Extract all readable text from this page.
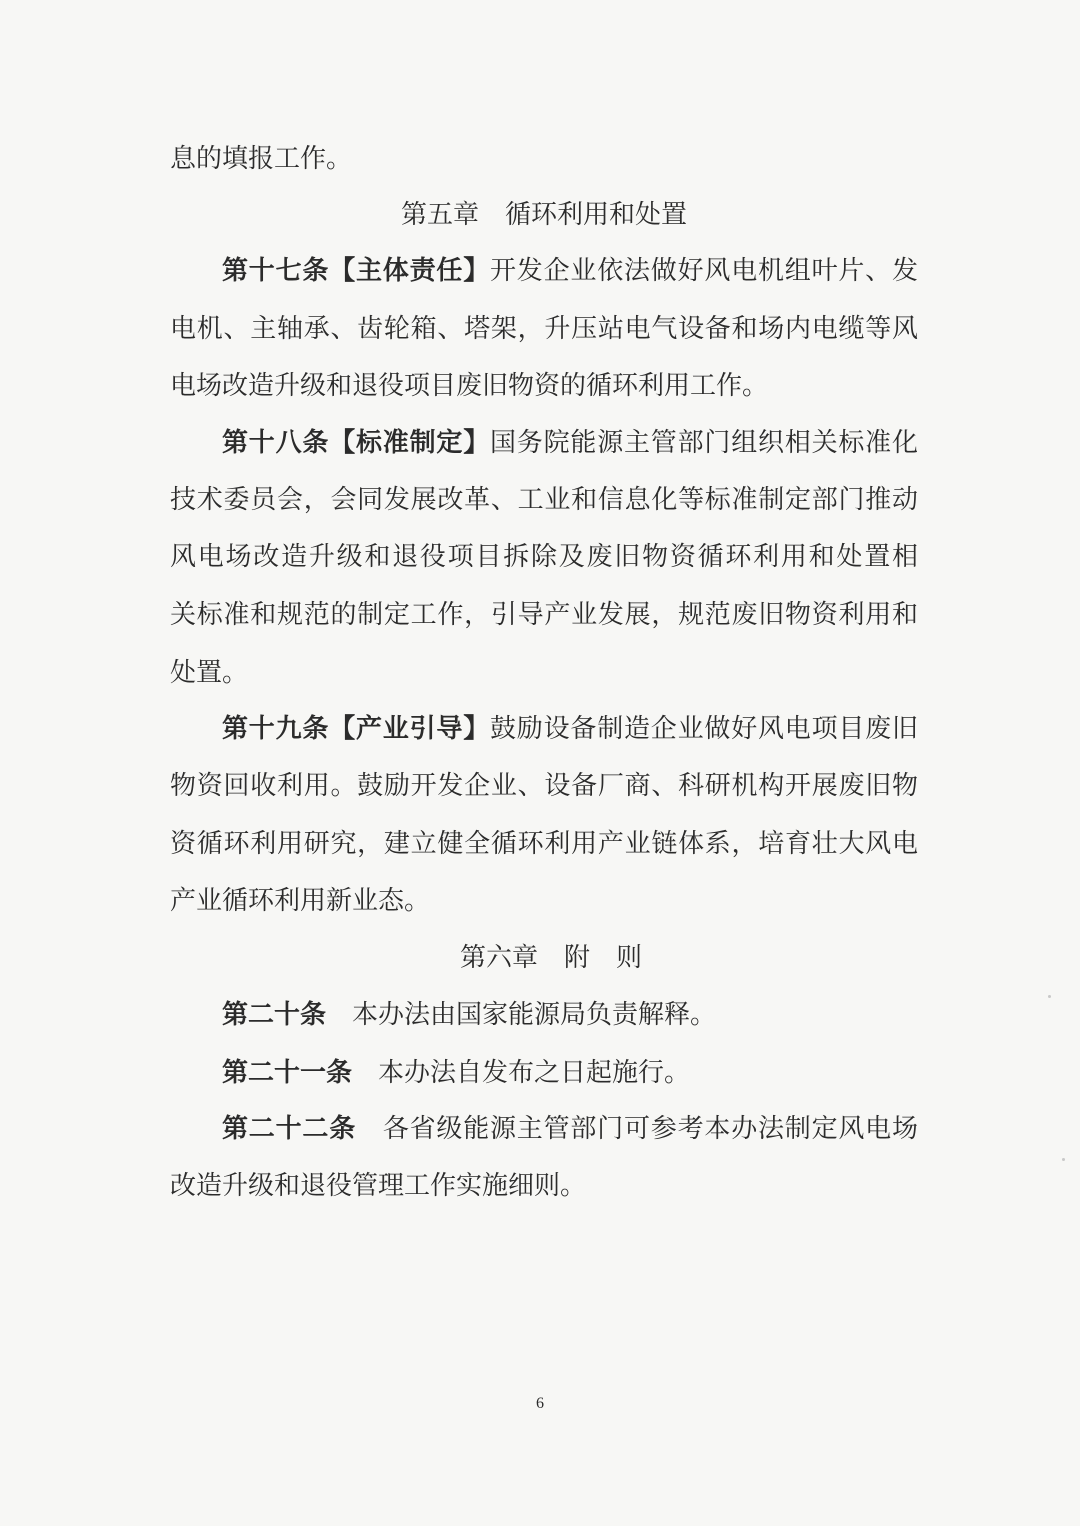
息的填报工作。
第五章　循环利用和处置
第十七条【主体责任】开发企业依法做好风电机组叶片、发
电机、主轴承、齿轮箱、塔架，升压站电气设备和场内电缆等风
电场改造升级和退役项目废旧物资的循环利用工作。
第十八条【标准制定】国务院能源主管部门组织相关标准化
技术委员会，会同发展改革、工业和信息化等标准制定部门推动
风电场改造升级和退役项目拆除及废旧物资循环利用和处置相
关标准和规范的制定工作，引导产业发展，规范废旧物资利用和
处置。
第十九条【产业引导】鼓励设备制造企业做好风电项目废旧
物资回收利用。鼓励开发企业、设备厂商、科研机构开展废旧物
资循环利用研究，建立健全循环利用产业链体系，培育壮大风电
产业循环利用新业态。
第六章　附　则
第二十条　 本办法由国家能源局负责解释。
第二十一条　 本办法自发布之日起施行。
第二十二条　 各省级能源主管部门可参考本办法制定风电场
改造升级和退役管理工作实施细则。
6
